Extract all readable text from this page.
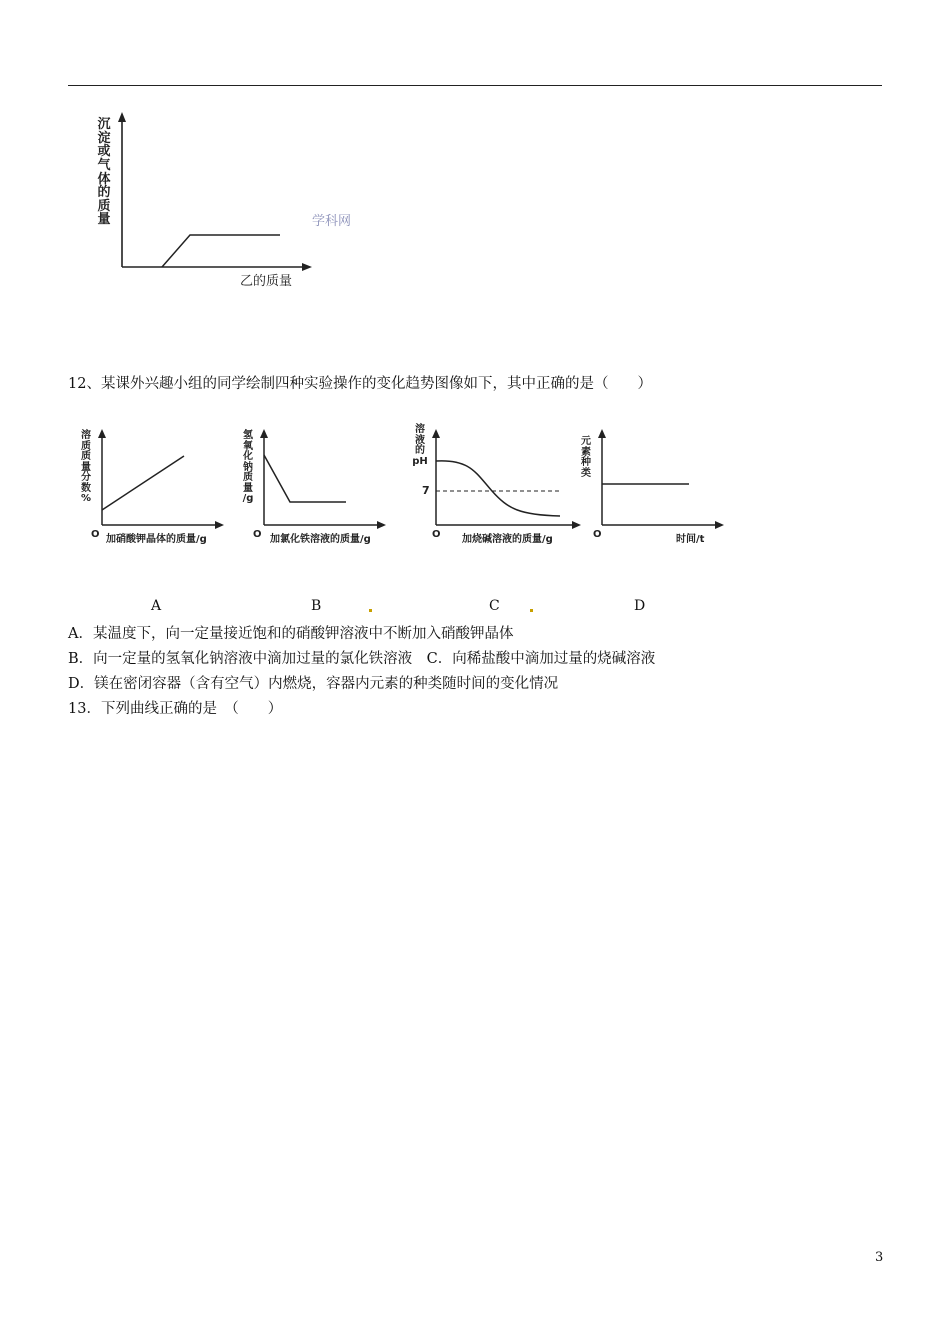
沉
淀
或
气
体
的
质
量
乙的质量
学科网
12、某课外兴趣小组的同学绘制四种实验操作的变化趋势图像如下，其中正确的是（　　）
溶
质
质
量
分
数
%
O 加硝酸钾晶体的质量/g
氢
氧
化
钠
质
量
/g
O 加氯化铁溶液的质量/g
溶
液
的
pH
7
O 加烧碱溶液的质量/g
元
素
种
类
O	时间/t
A	B	C	D
A．某温度下，向一定量接近饱和的硝酸钾溶液中不断加入硝酸钾晶体
B．向一定量的氢氧化钠溶液中滴加过量的氯化铁溶液　C．向稀盐酸中滴加过量的烧碱溶液
D．镁在密闭容器（含有空气）内燃烧，容器内元素的种类随时间的变化情况
13．下列曲线正确的是　（　　）
3
